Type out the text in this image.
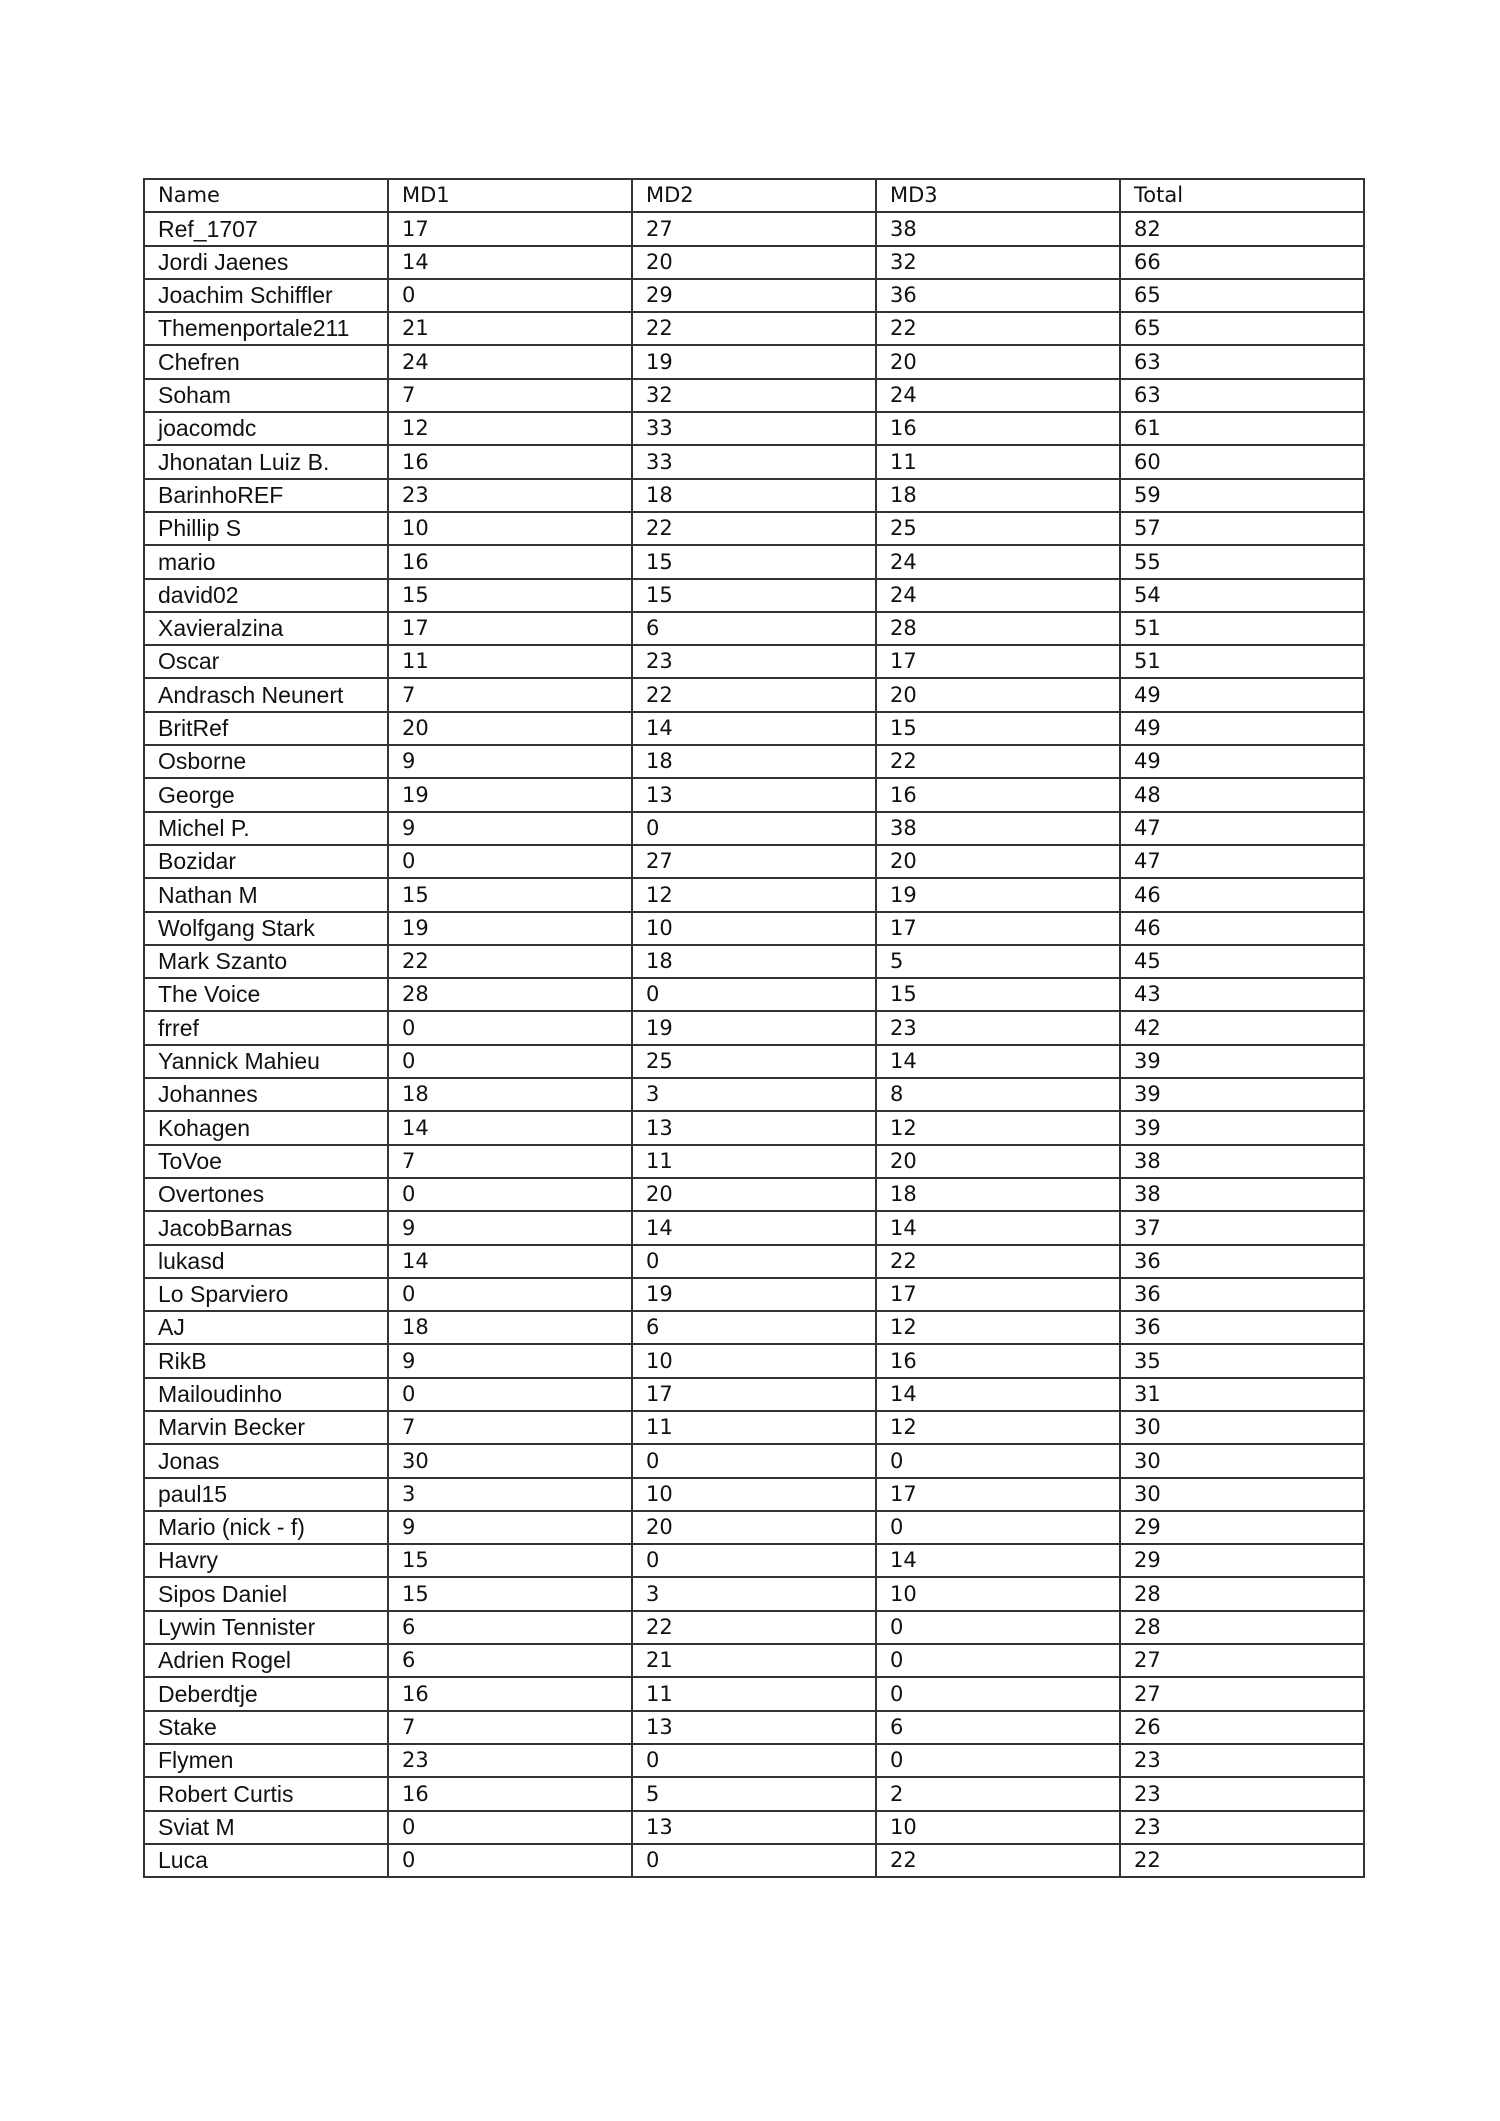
Name	MD1	MD2	MD3	Total
Ref_1707	17	27	38	82
Jordi Jaenes	14	20	32	66
Joachim Schiffler	0	29	36	65
Themenportale211	21	22	22	65
Chefren	24	19	20	63
Soham	7	32	24	63
joacomdc	12	33	16	61
Jhonatan Luiz B.	16	33	11	60
BarinhoREF	23	18	18	59
Phillip S	10	22	25	57
mario	16	15	24	55
david02	15	15	24	54
Xavieralzina	17	6	28	51
Oscar	11	23	17	51
Andrasch Neunert	7	22	20	49
BritRef	20	14	15	49
Osborne	9	18	22	49
George	19	13	16	48
Michel P.	9	0	38	47
Bozidar	0	27	20	47
Nathan M	15	12	19	46
Wolfgang Stark	19	10	17	46
Mark Szanto	22	18	5	45
The Voice	28	0	15	43
frref	0	19	23	42
Yannick Mahieu	0	25	14	39
Johannes	18	3	8	39
Kohagen	14	13	12	39
ToVoe	7	11	20	38
Overtones	0	20	18	38
JacobBarnas	9	14	14	37
lukasd	14	0	22	36
Lo Sparviero	0	19	17	36
AJ	18	6	12	36
RikB	9	10	16	35
Mailoudinho	0	17	14	31
Marvin Becker	7	11	12	30
Jonas	30	0	0	30
paul15	3	10	17	30
Mario (nick - f)	9	20	0	29
Havry	15	0	14	29
Sipos Daniel	15	3	10	28
Lywin Tennister	6	22	0	28
Adrien Rogel	6	21	0	27
Deberdtje	16	11	0	27
Stake	7	13	6	26
Flymen	23	0	0	23
Robert Curtis	16	5	2	23
Sviat M	0	13	10	23
Luca	0	0	22	22
